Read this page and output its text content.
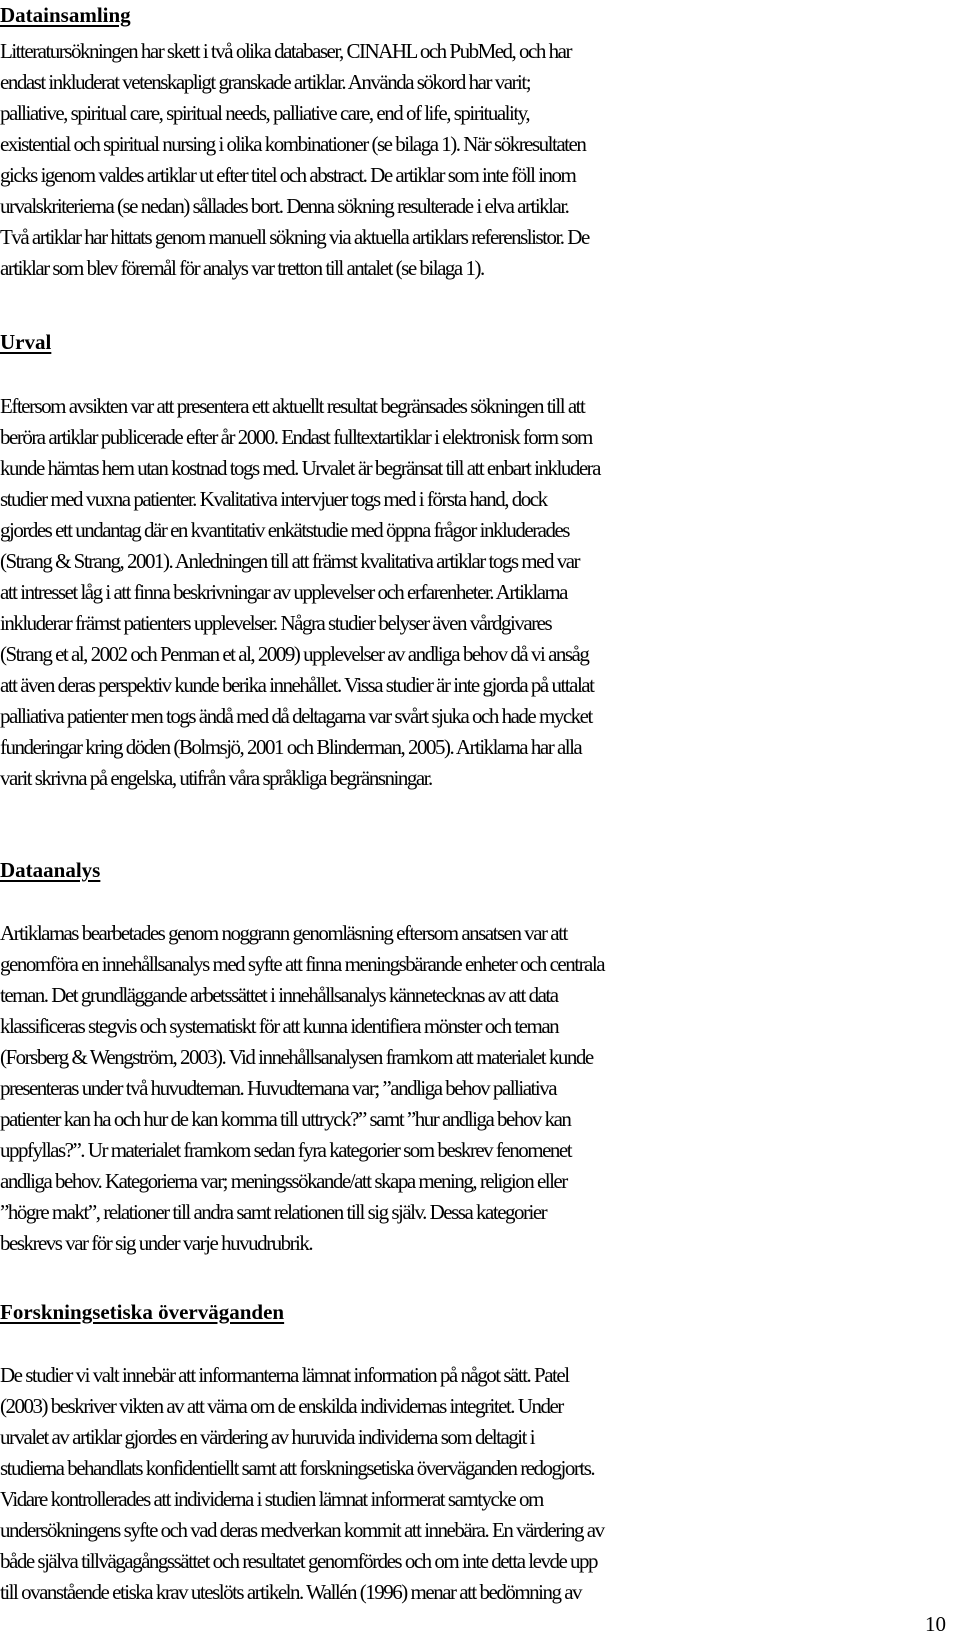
Datainsamling
Litteratursökningen har skett i två olika databaser, CINAHL och PubMed, och har
endast inkluderat vetenskapligt granskade artiklar. Använda sökord har varit;
palliative, spiritual care, spiritual needs, palliative care, end of life, spirituality,
existential och spiritual nursing i olika kombinationer (se bilaga 1). När sökresultaten
gicks igenom valdes artiklar ut efter titel och abstract. De artiklar som inte föll inom
urvalskriterierna (se nedan) sållades bort. Denna sökning resulterade i elva artiklar.
Två artiklar har hittats genom manuell sökning via aktuella artiklars referenslistor. De
artiklar som blev föremål för analys var tretton till antalet (se bilaga 1).
Urval
Eftersom avsikten var att presentera ett aktuellt resultat begränsades sökningen till att
beröra artiklar publicerade efter år 2000. Endast fulltextartiklar i elektronisk form som
kunde hämtas hem utan kostnad togs med. Urvalet är begränsat till att enbart inkludera
studier med vuxna patienter. Kvalitativa intervjuer togs med i första hand, dock
gjordes ett undantag där en kvantitativ enkätstudie med öppna frågor inkluderades
(Strang & Strang, 2001). Anledningen till att främst kvalitativa artiklar togs med var
att intresset låg i att finna beskrivningar av upplevelser och erfarenheter. Artiklarna
inkluderar främst patienters upplevelser. Några studier belyser även vårdgivares
(Strang et al, 2002 och Penman et al, 2009) upplevelser av andliga behov då vi ansåg
att även deras perspektiv kunde berika innehållet. Vissa studier är inte gjorda på uttalat
palliativa patienter men togs ändå med då deltagarna var svårt sjuka och hade mycket
funderingar kring döden (Bolmsjö, 2001 och Blinderman, 2005). Artiklarna har alla
varit skrivna på engelska, utifrån våra språkliga begränsningar.
Dataanalys
Artiklarnas bearbetades genom noggrann genomläsning eftersom ansatsen var att
genomföra en innehållsanalys med syfte att finna meningsbärande enheter och centrala
teman. Det grundläggande arbetssättet i innehållsanalys kännetecknas av att data
klassificeras stegvis och systematiskt för att kunna identifiera mönster och teman
(Forsberg & Wengström, 2003). Vid innehållsanalysen framkom att materialet kunde
presenteras under två huvudteman. Huvudtemana var; ”andliga behov palliativa
patienter kan ha och hur de kan komma till uttryck?” samt ”hur andliga behov kan
uppfyllas?”. Ur materialet framkom sedan fyra kategorier som beskrev fenomenet
andliga behov. Kategorierna var; meningssökande/att skapa mening, religion eller
”högre makt”, relationer till andra samt relationen till sig själv. Dessa kategorier
beskrevs var för sig under varje huvudrubrik.
Forskningsetiska överväganden
De studier vi valt innebär att informanterna lämnat information på något sätt. Patel
(2003) beskriver vikten av att värna om de enskilda individernas integritet. Under
urvalet av artiklar gjordes en värdering av huruvida individerna som deltagit i
studierna behandlats konfidentiellt samt att forskningsetiska överväganden redogjorts.
Vidare kontrollerades att individerna i studien lämnat informerat samtycke om
undersökningens syfte och vad deras medverkan kommit att innebära. En värdering av
både själva tillvägagångssättet och resultatet genomfördes och om inte detta levde upp
till ovanstående etiska krav uteslöts artikeln. Wallén (1996) menar att bedömning av
10
